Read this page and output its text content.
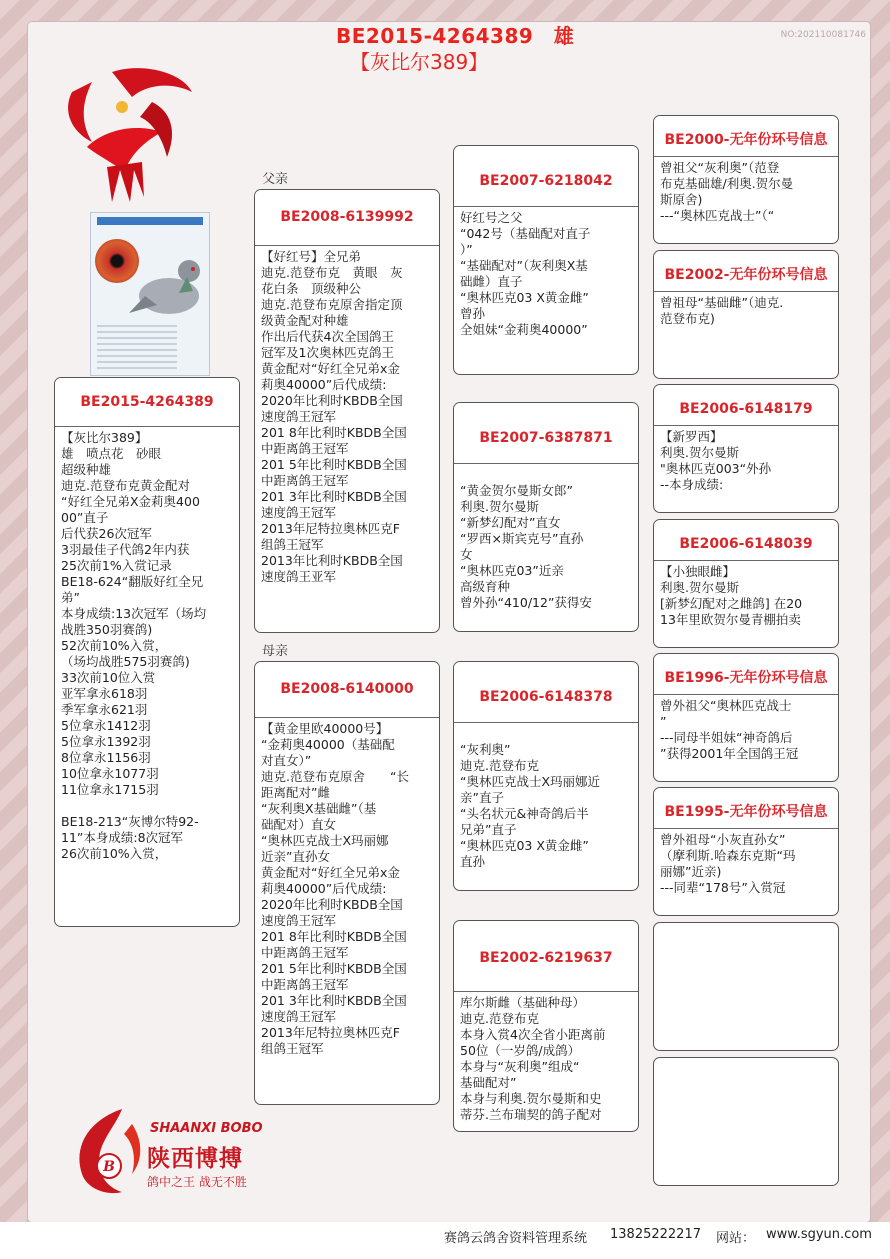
NO:202110081746
BE2015-4264389　雄
【灰比尔389】
父亲
母亲
BE2015-4264389
【灰比尔389】
雄　喷点花　砂眼
超级种雄
迪克.范登布克黄金配对
“好红全兄弟X金莉奥400
00”直子
后代获26次冠军
3羽最佳子代鸽2年内获
25次前1%入赏记录
BE18-624“翻版好红全兄
弟”
本身成绩:13次冠军（场均
战胜350羽赛鸽)
52次前10%入赏，
（场均战胜575羽赛鸽)
33次前10位入赏
亚军拿永618羽
季军拿永621羽
5位拿永1412羽
5位拿永1392羽
8位拿永1156羽
10位拿永1077羽
11位拿永1715羽

BE18-213“灰博尔特92-
11”本身成绩:8次冠军
26次前10%入赏，
BE2008-6139992
【好红号】全兄弟
迪克.范登布克　黄眼　灰
花白条　顶级种公
迪克.范登布克原舍指定顶
级黄金配对种雄
作出后代获4次全国鸽王
冠军及1次奥林匹克鸽王
黄金配对“好红全兄弟x金
莉奥40000”后代成绩:
2020年比利时KBDB全国
速度鸽王冠军
201 8年比利时KBDB全国
中距离鸽王冠军
201 5年比利时KBDB全国
中距离鸽王冠军
201 3年比利时KBDB全国
速度鸽王冠军
2013年尼特拉奥林匹克F
组鸽王冠军
2013年比利时KBDB全国
速度鸽王亚军
BE2008-6140000
【黄金里欧40000号】
“金莉奥40000（基础配
对直女）”
迪克.范登布克原舍　　“长
距离配对”雌
“灰利奥X基础雌”（基
础配对）直女
“奥林匹克战士X玛丽娜
近亲”直孙女
黄金配对“好红全兄弟x金
莉奥40000”后代成绩:
2020年比利时KBDB全国
速度鸽王冠军
201 8年比利时KBDB全国
中距离鸽王冠军
201 5年比利时KBDB全国
中距离鸽王冠军
201 3年比利时KBDB全国
速度鸽王冠军
2013年尼特拉奥林匹克F
组鸽王冠军
BE2007-6218042
好红号之父
“042号（基础配对直子
）”
“基础配对”（灰利奥X基
础雌）直子
“奥林匹克03 X黄金雌”
曾孙
全姐妹“金莉奥40000”
BE2007-6387871

“黄金贺尔曼斯女郎”
利奥.贺尔曼斯
“新梦幻配对”直女
“罗西×斯宾克号”直孙
女
“奥林匹克03”近亲
高级育种
曾外孙“410/12”获得安
BE2006-6148378

“灰利奥”
迪克.范登布克
“奥林匹克战士X玛丽娜近
亲”直子
“头名状元&神奇鸽后半
兄弟”直子
“奥林匹克03 X黄金雌”
直孙
BE2002-6219637
库尔斯雌（基础种母）
迪克.范登布克
本身入赏4次全省小距离前
50位（一岁鸽/成鸽）
本身与“灰利奥”组成“
基础配对”
本身与利奥.贺尔曼斯和史
蒂芬.兰布瑞契的鸽子配对
BE2000-无年份环号信息
曾祖父“灰利奥”（范登
布克基础雄/利奥.贺尔曼
斯原舍)
---“奥林匹克战士”（“
BE2002-无年份环号信息
曾祖母“基础雌”（迪克.
范登布克)
BE2006-6148179
【新罗西】
利奥.贺尔曼斯
"奥林匹克003“外孙
--本身成绩:
BE2006-6148039
【小独眼雌】
利奥.贺尔曼斯
[新梦幻配对之雌鸽] 在20
13年里欧贺尔曼青棚拍卖
BE1996-无年份环号信息
曾外祖父“奥林匹克战士
”
---同母半姐妹“神奇鸽后
”获得2001年全国鸽王冠
BE1995-无年份环号信息
曾外祖母“小灰直孙女”
（摩利斯.哈森东克斯“玛
丽娜”近亲)
---同辈“178号”入赏冠
B
SHAANXI BOBO
陕西博搏
鸽中之王 战无不胜
赛鸽云鸽舍资料管理系统 13825222217 网站： www.sgyun.com
